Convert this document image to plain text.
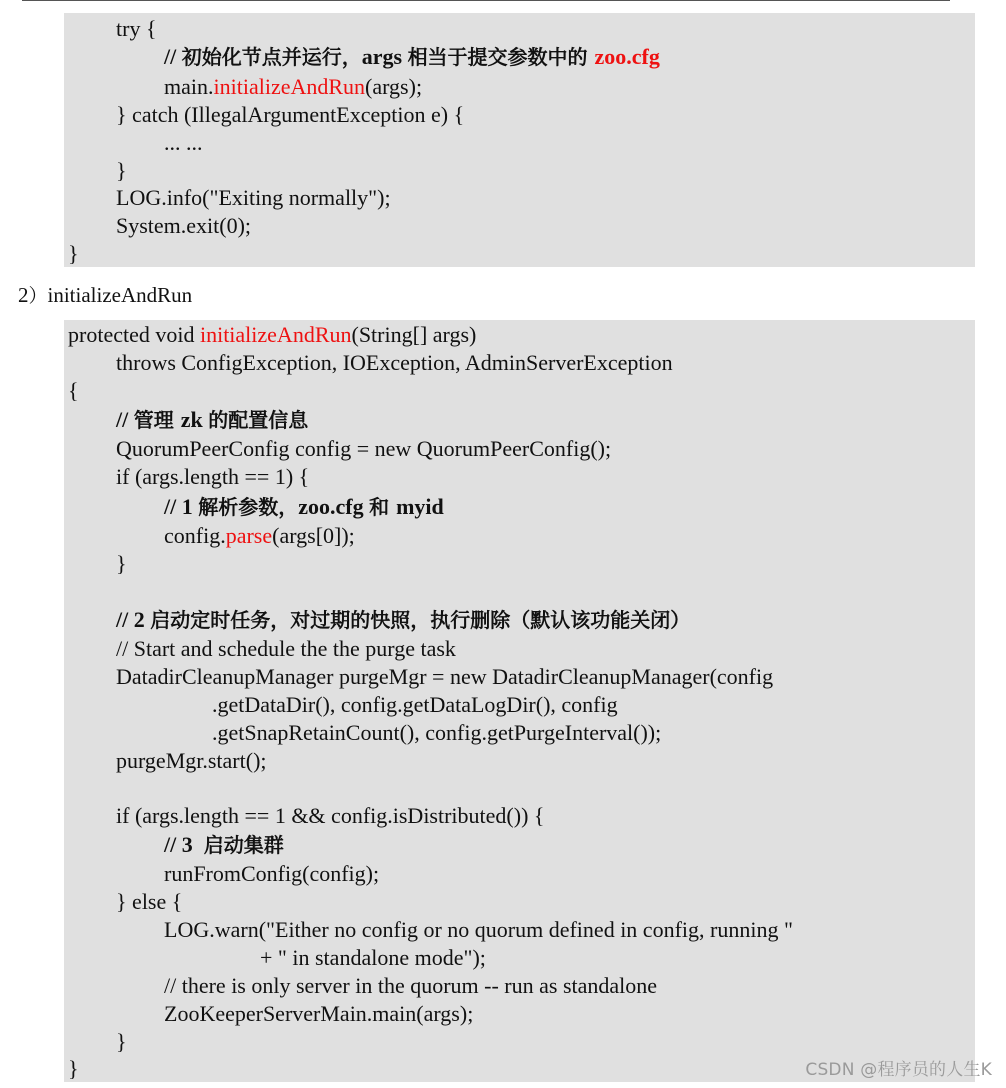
try {
// 初始化节点并运行，args 相当于提交参数中的 zoo.cfg
main.initializeAndRun(args);
} catch (IllegalArgumentException e) {
... ...
}
LOG.info("Exiting normally");
System.exit(0);
}
2）initializeAndRun
protected void initializeAndRun(String[] args)
throws ConfigException, IOException, AdminServerException
{
// 管理 zk 的配置信息
QuorumPeerConfig config = new QuorumPeerConfig();
if (args.length == 1) {
// 1 解析参数，zoo.cfg 和 myid
config.parse(args[0]);
}
// 2 启动定时任务，对过期的快照，执行删除（默认该功能关闭）
// Start and schedule the the purge task
DatadirCleanupManager purgeMgr = new DatadirCleanupManager(config
.getDataDir(), config.getDataLogDir(), config
.getSnapRetainCount(), config.getPurgeInterval());
purgeMgr.start();
if (args.length == 1 && config.isDistributed()) {
// 3  启动集群
runFromConfig(config);
} else {
LOG.warn("Either no config or no quorum defined in config, running "
+ " in standalone mode");
// there is only server in the quorum -- run as standalone
ZooKeeperServerMain.main(args);
}
}	CSDN @程序员的人生K
